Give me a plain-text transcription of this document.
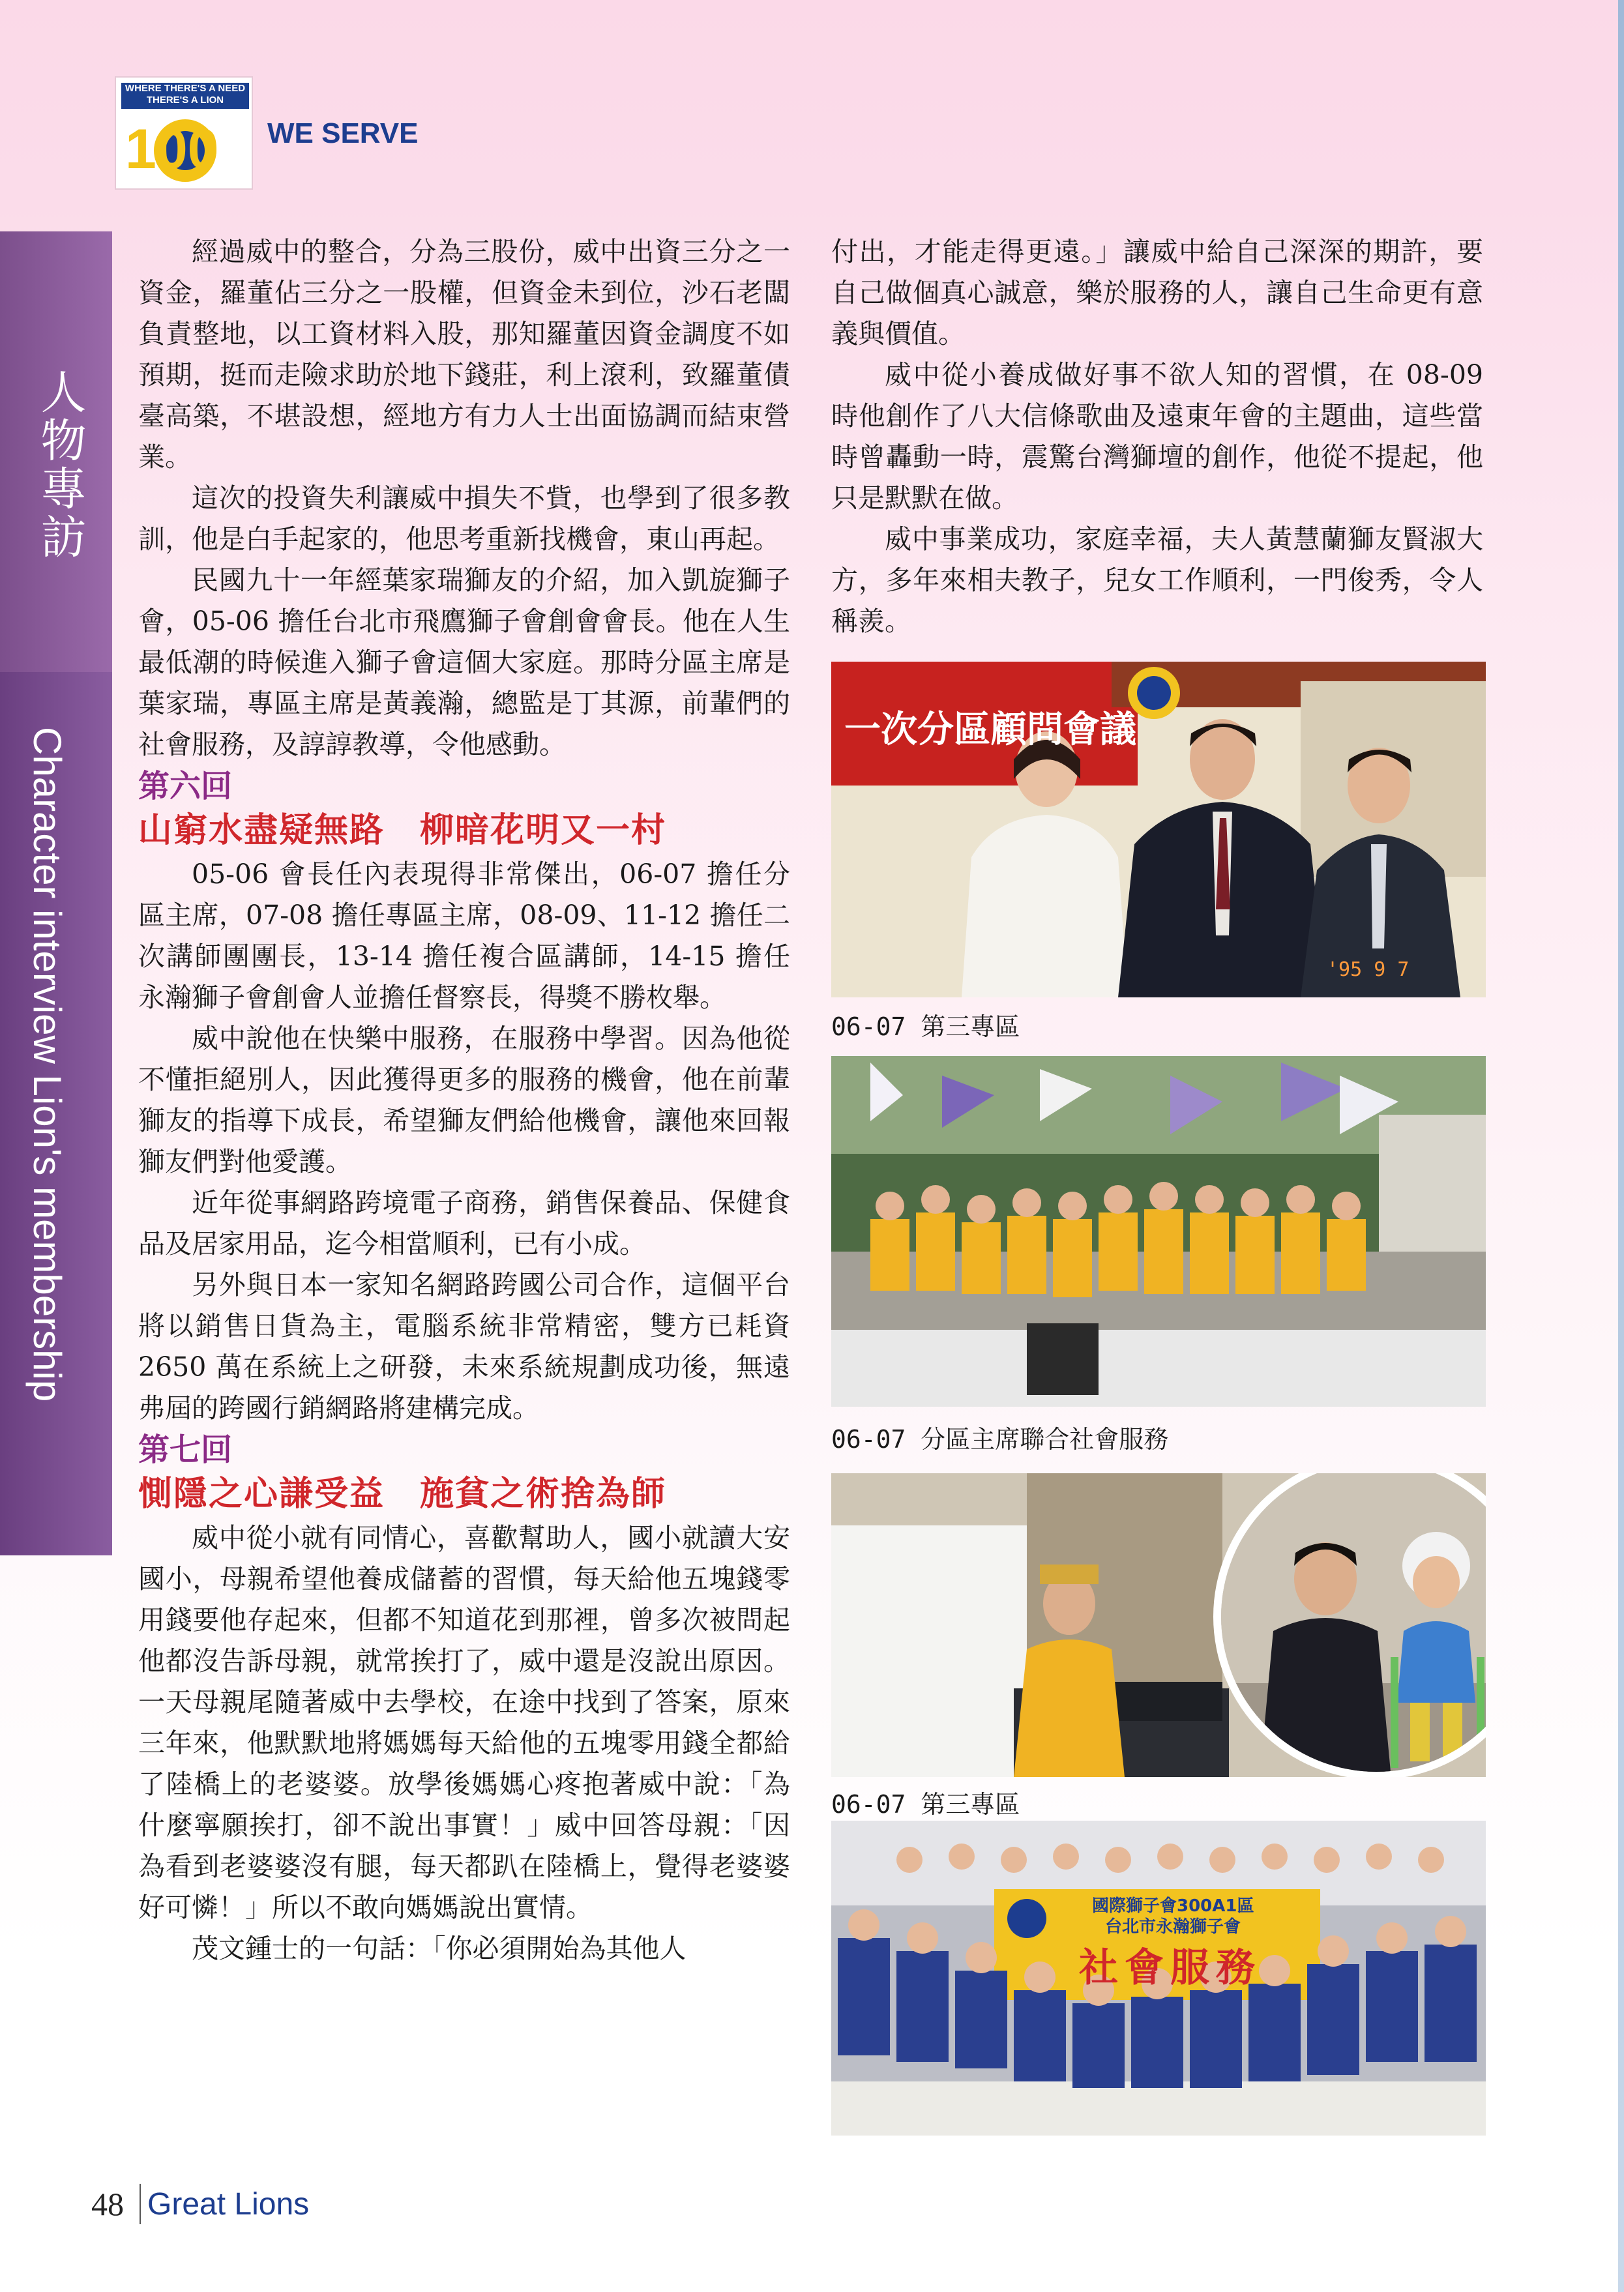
WHERE THERE'S A NEED THERE'S A LION
100 WE SERVE
人物專訪
Character interview Lion's membership

經過威中的整合，分為三股份，威中出資三分之一資金，羅董佔三分之一股權，但資金未到位，沙石老闆負責整地，以工資材料入股，那知羅董因資金調度不如預期，挺而走險求助於地下錢莊，利上滾利，致羅董債臺高築，不堪設想，經地方有力人士出面協調而結束營業。

這次的投資失利讓威中損失不貲，也學到了很多教訓，他是白手起家的，他思考重新找機會，東山再起。

民國九十一年經葉家瑞獅友的介紹，加入凱旋獅子會，05-06 擔任台北市飛鷹獅子會創會會長。他在人生最低潮的時候進入獅子會這個大家庭。那時分區主席是葉家瑞，專區主席是黃義瀚，總監是丁其源，前輩們的社會服務，及諄諄教導，令他感動。

第六回
山窮水盡疑無路　柳暗花明又一村

05-06 會長任內表現得非常傑出，06-07 擔任分區主席，07-08 擔任專區主席，08-09、11-12 擔任二次講師團團長，13-14 擔任複合區講師，14-15 擔任永瀚獅子會創會人並擔任督察長，得獎不勝枚舉。

威中說他在快樂中服務，在服務中學習。因為他從不懂拒絕別人，因此獲得更多的服務的機會，他在前輩獅友的指導下成長，希望獅友們給他機會，讓他來回報獅友們對他愛護。

近年從事網路跨境電子商務，銷售保養品、保健食品及居家用品，迄今相當順利，已有小成。

另外與日本一家知名網路跨國公司合作，這個平台將以銷售日貨為主，電腦系統非常精密，雙方已耗資 2650 萬在系統上之研發，未來系統規劃成功後，無遠弗屆的跨國行銷網路將建構完成。

第七回
惻隱之心謙受益　施貧之術捨為師

威中從小就有同情心，喜歡幫助人，國小就讀大安國小，母親希望他養成儲蓄的習慣，每天給他五塊錢零用錢要他存起來，但都不知道花到那裡，曾多次被問起他都沒告訴母親，就常挨打了，威中還是沒說出原因。一天母親尾隨著威中去學校，在途中找到了答案，原來三年來，他默默地將媽媽每天給他的五塊零用錢全都給了陸橋上的老婆婆。放學後媽媽心疼抱著威中說：「為什麼寧願挨打，卻不說出事實！」威中回答母親：「因為看到老婆婆沒有腿，每天都趴在陸橋上，覺得老婆婆好可憐！」所以不敢向媽媽說出實情。

茂文鍾士的一句話：「你必須開始為其他人

付出，才能走得更遠。」讓威中給自己深深的期許，要自己做個真心誠意，樂於服務的人，讓自己生命更有意義與價值。

威中從小養成做好事不欲人知的習慣，在 08-09 時他創作了八大信條歌曲及遠東年會的主題曲，這些當時曾轟動一時，震驚台灣獅壇的創作，他從不提起，他只是默默在做。

威中事業成功，家庭幸福，夫人黃慧蘭獅友賢淑大方，多年來相夫教子，兒女工作順利，一門俊秀，令人稱羨。

一次分區顧問會議
'95 9 7
06-07 第三專區
06-07 分區主席聯合社會服務
06-07 第三專區
國際獅子會300A1區
台北市永瀚獅子會
社會服務
48 Great Lions
